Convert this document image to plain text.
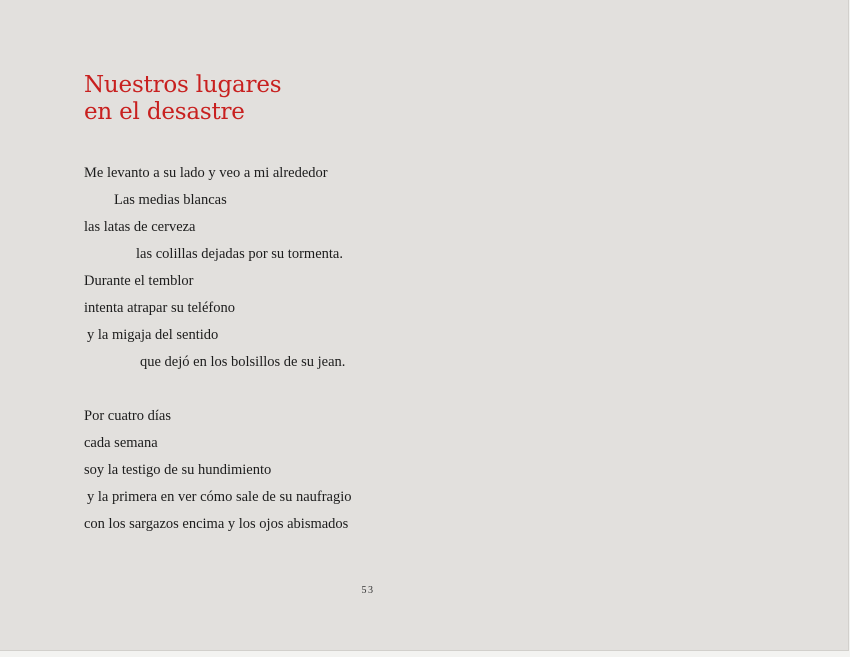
Nuestros lugares
en el desastre
Me levanto a su lado y veo a mi alrededor
Las medias blancas
las latas de cerveza
las colillas dejadas por su tormenta.
Durante el temblor
intenta atrapar su teléfono
y la migaja del sentido
que dejó en los bolsillos de su jean.
Por cuatro días
cada semana
soy la testigo de su hundimiento
y la primera en ver cómo sale de su naufragio
con los sargazos encima y los ojos abismados
53
